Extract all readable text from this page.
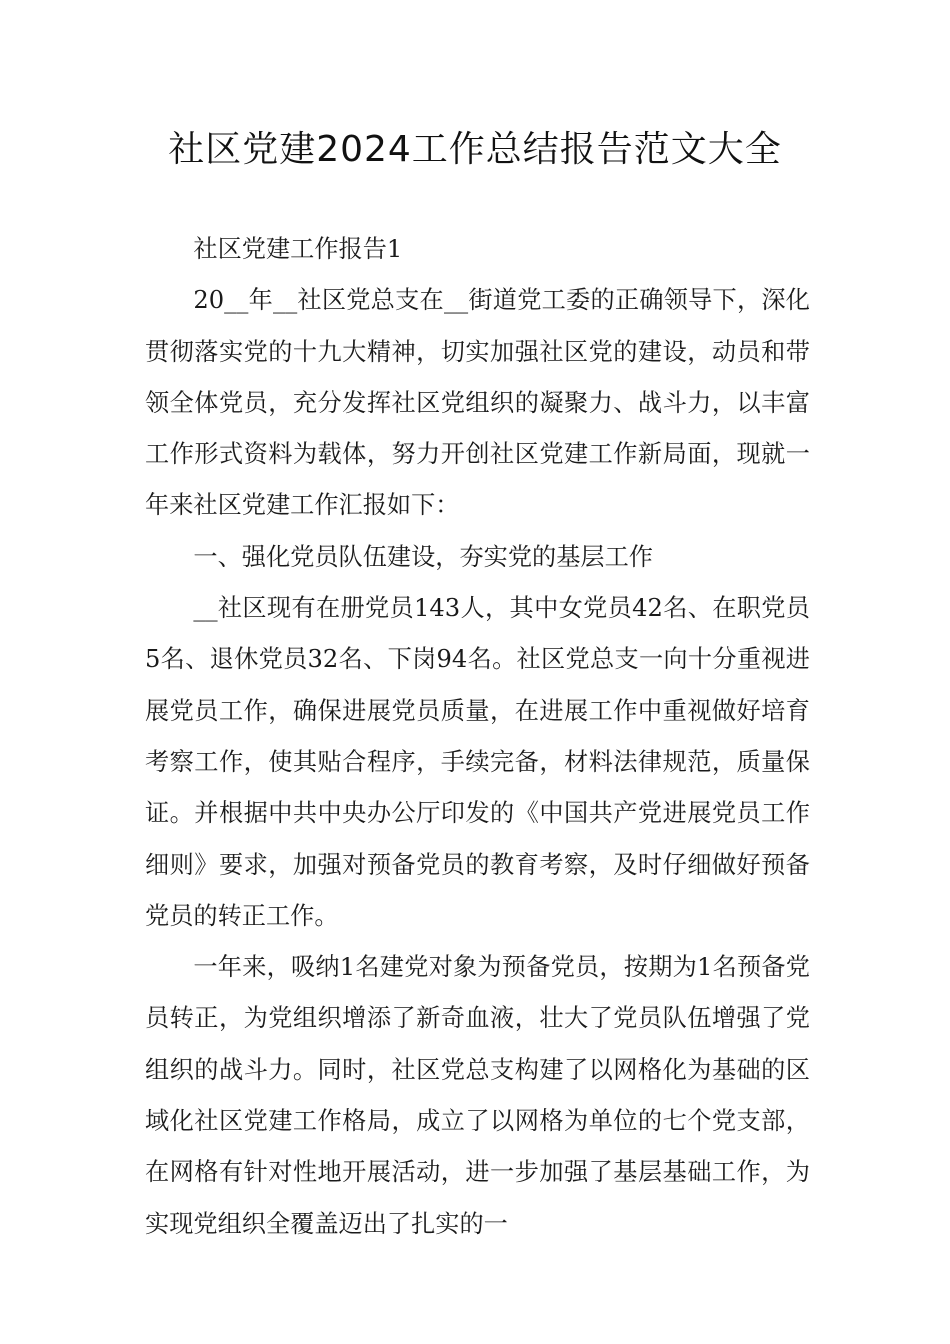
社区党建2024工作总结报告范文大全

社区党建工作报告1

20__年__社区党总支在__街道党工委的正确领导下，深化贯彻落实党的十九大精神，切实加强社区党的建设，动员和带领全体党员，充分发挥社区党组织的凝聚力、战斗力，以丰富工作形式资料为载体，努力开创社区党建工作新局面，现就一年来社区党建工作汇报如下：

一、强化党员队伍建设，夯实党的基层工作

__社区现有在册党员143人，其中女党员42名、在职党员5名、退休党员32名、下岗94名。社区党总支一向十分重视进展党员工作，确保进展党员质量，在进展工作中重视做好培育考察工作，使其贴合程序，手续完备，材料法律规范，质量保证。并根据中共中央办公厅印发的《中国共产党进展党员工作细则》要求，加强对预备党员的教育考察，及时仔细做好预备党员的转正工作。

一年来，吸纳1名建党对象为预备党员，按期为1名预备党员转正，为党组织增添了新奇血液，壮大了党员队伍增强了党组织的战斗力。同时，社区党总支构建了以网格化为基础的区域化社区党建工作格局，成立了以网格为单位的七个党支部，在网格有针对性地开展活动，进一步加强了基层基础工作，为实现党组织全覆盖迈出了扎实的一
